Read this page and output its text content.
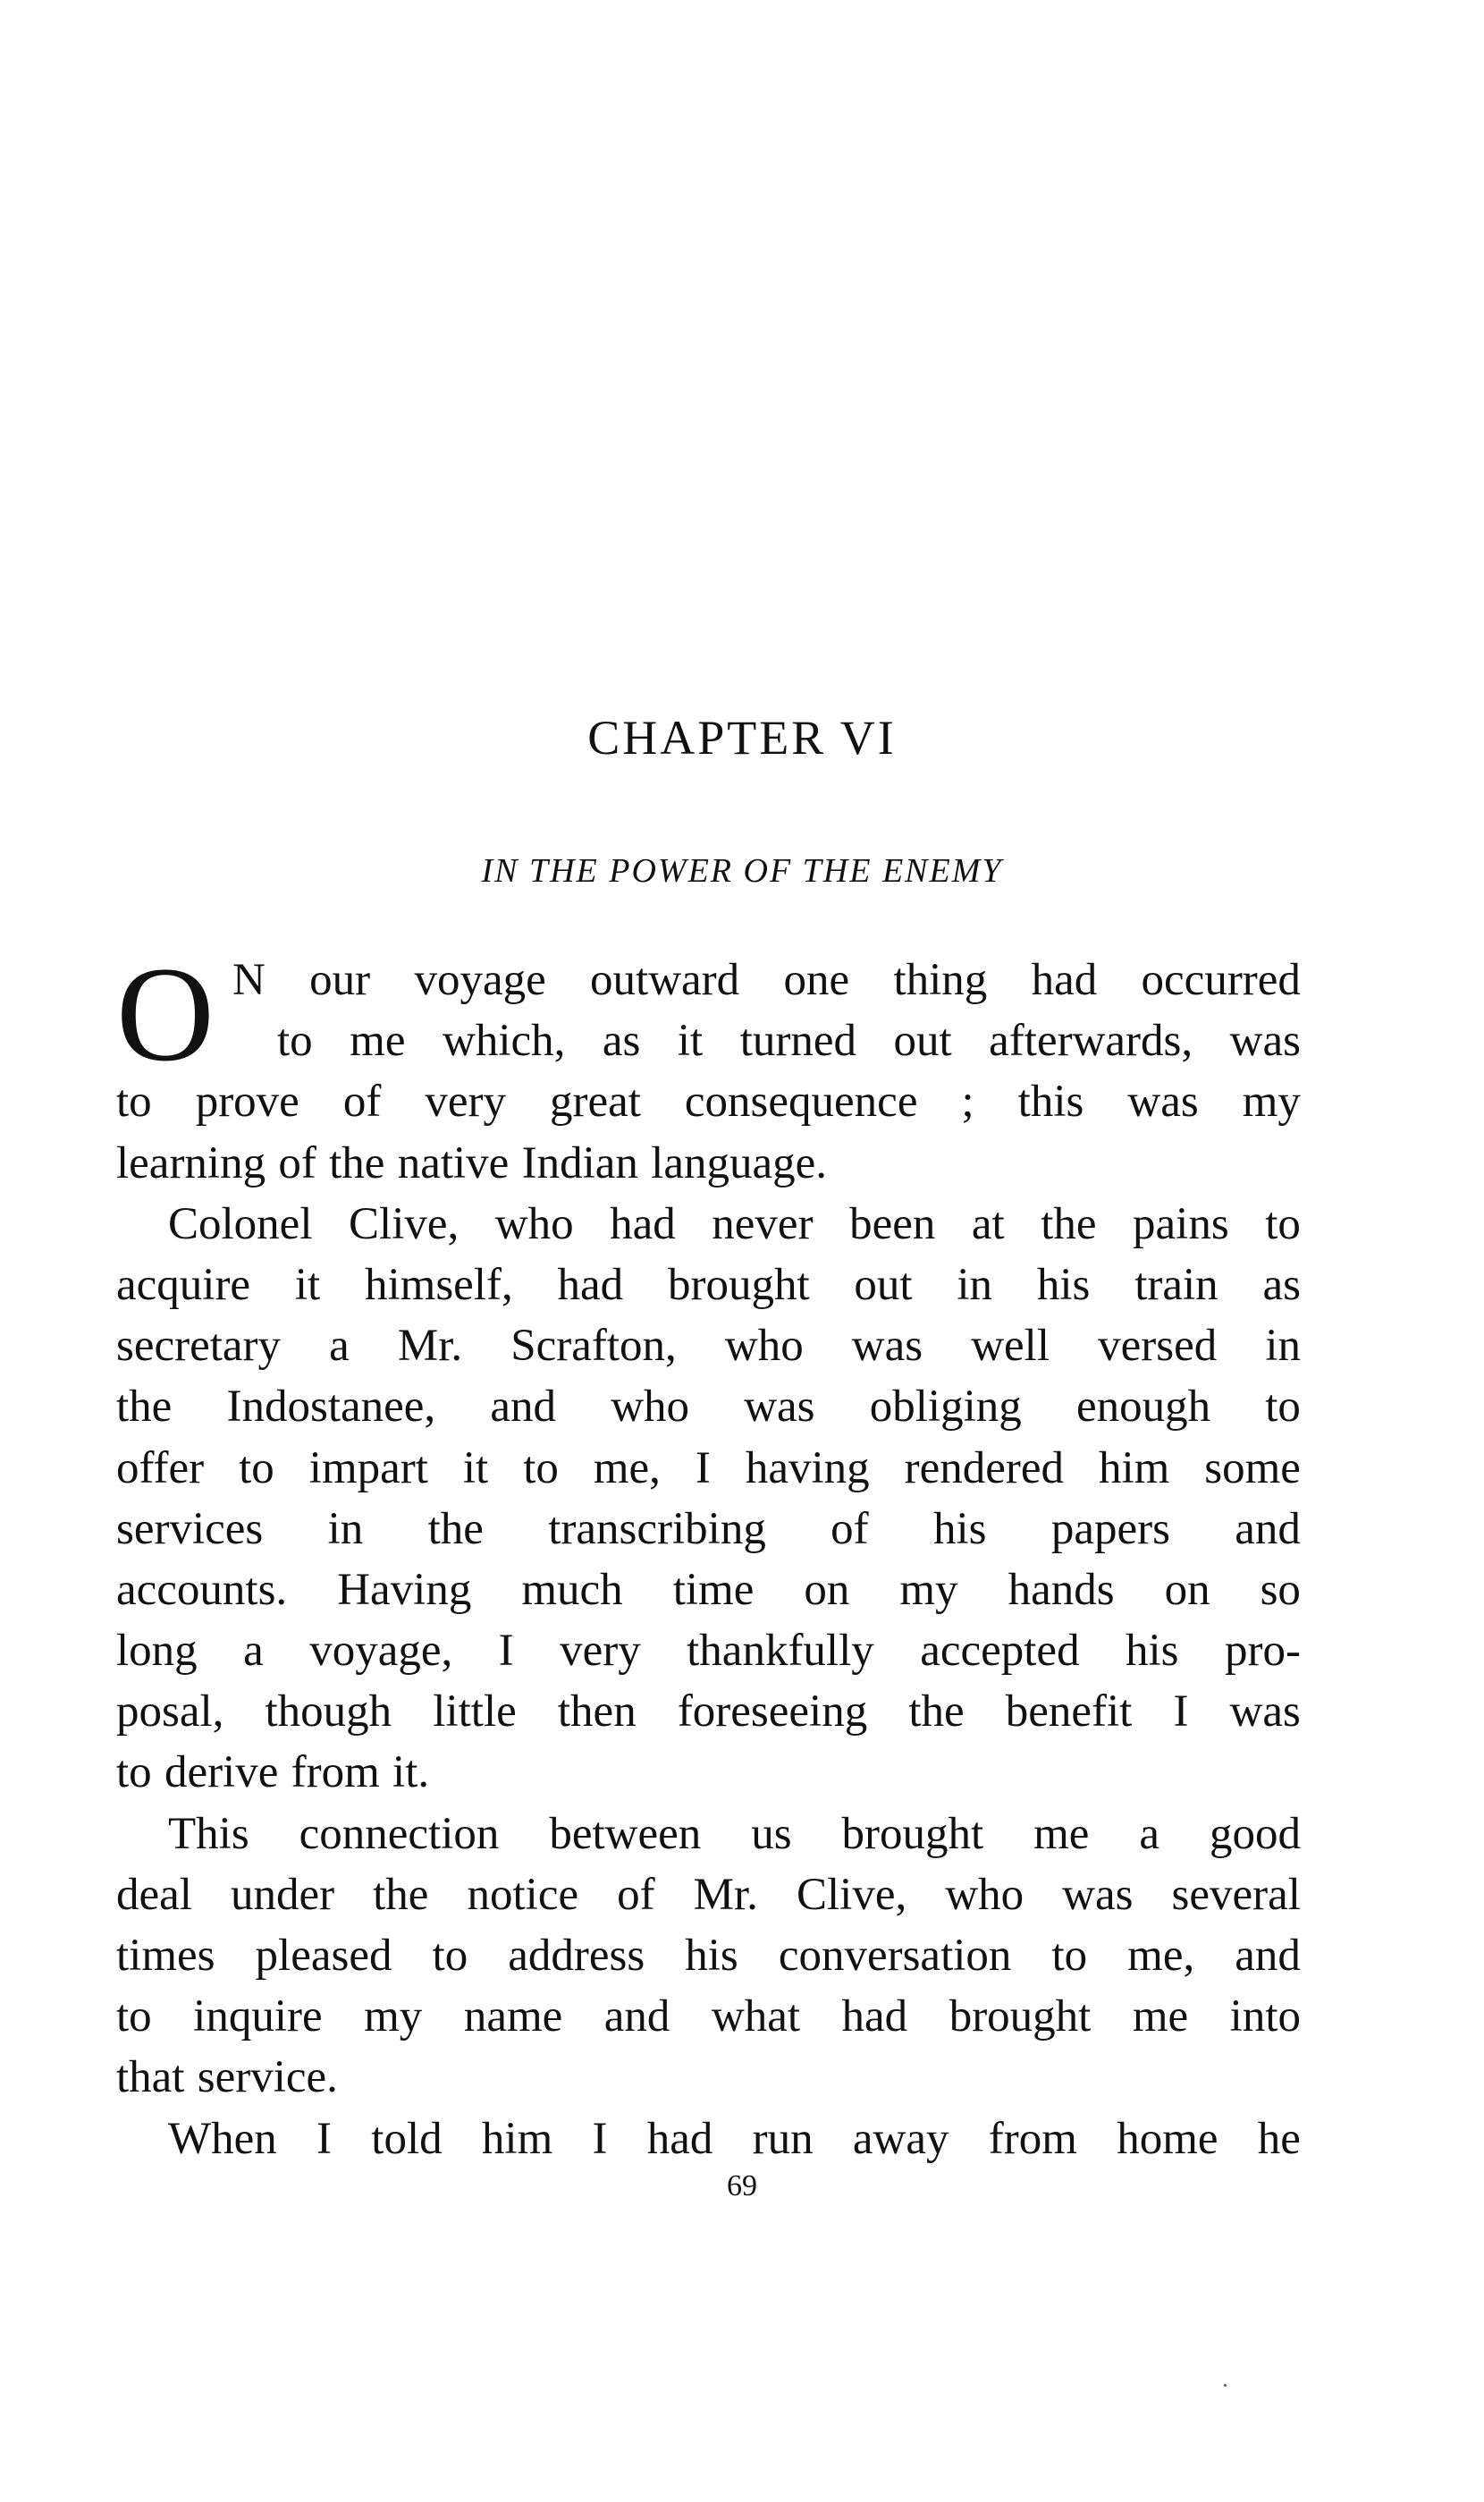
CHAPTER VI
IN THE POWER OF THE ENEMY
O N our voyage outward one thing had occurred
to me which, as it turned out afterwards, was
to prove of very great consequence ; this was my
learning of the native Indian language.
Colonel Clive, who had never been at the pains to
acquire it himself, had brought out in his train as
secretary a Mr. Scrafton, who was well versed in
the Indostanee, and who was obliging enough to
offer to impart it to me, I having rendered him some
services in the transcribing of his papers and
accounts. Having much time on my hands on so
long a voyage, I very thankfully accepted his pro-
posal, though little then foreseeing the benefit I was
to derive from it.
This connection between us brought me a good
deal under the notice of Mr. Clive, who was several
times pleased to address his conversation to me, and
to inquire my name and what had brought me into
that service.
When I told him I had run away from home he
69
